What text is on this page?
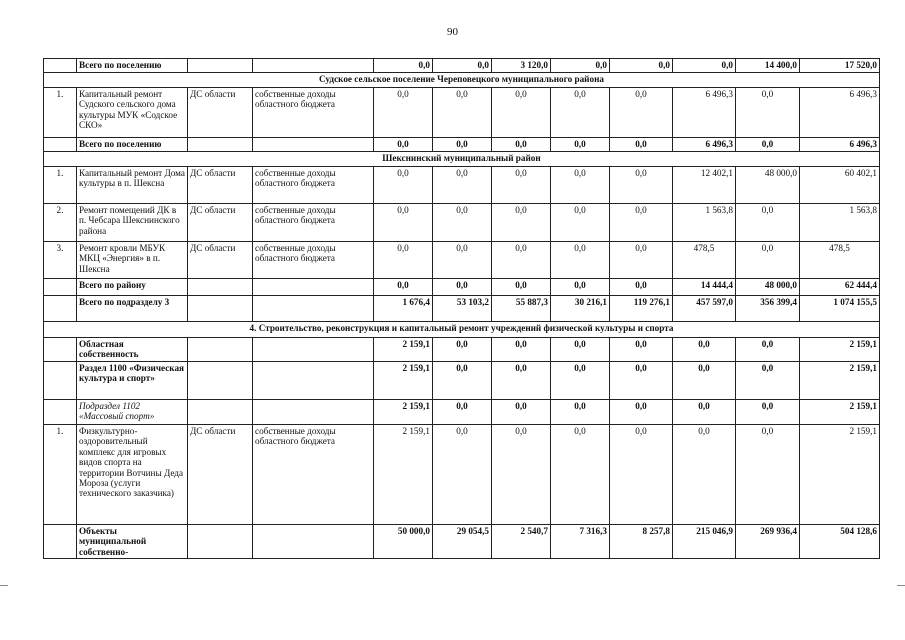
90
	Всего по поселению			0,0	0,0	3 120,0	0,0	0,0	0,0	14 400,0	17 520,0
Судское сельское поселение Череповецкого муниципального района											
1.	Капитальный ремонт Судского сельского дома культуры МУК «Содское СКО»	ДС области	собственные доходы областного бюджета	0,0	0,0	0,0	0,0	0,0	6 496,3	0,0	6 496,3
	Всего по поселению			0,0	0,0	0,0	0,0	0,0	6 496,3	0,0	6 496,3
Шекснинский муниципальный район											
1.	Капитальный ремонт Дома культуры в п. Шексна	ДС области	собственные доходы областного бюджета	0,0	0,0	0,0	0,0	0,0	12 402,1	48 000,0	60 402,1
2.	Ремонт помещений ДК в п. Чебсара Шекснинского района	ДС области	собственные доходы областного бюджета	0,0	0,0	0,0	0,0	0,0	1 563,8	0,0	1 563,8
3.	Ремонт кровли МБУК МКЦ «Энергия» в п. Шексна	ДС области	собственные доходы областного бюджета	0,0	0,0	0,0	0,0	0,0	478,5	0,0	478,5
	Всего по району			0,0	0,0	0,0	0,0	0,0	14 444,4	48 000,0	62 444,4
	Всего по подразделу 3			1 676,4	53 103,2	55 887,3	30 216,1	119 276,1	457 597,0	356 399,4	1 074 155,5
4. Строительство, реконструкция и капитальный ремонт учреждений физической культуры и спорта											
	Областная собственность			2 159,1	0,0	0,0	0,0	0,0	0,0	0,0	2 159,1
	Раздел 1100 «Физическая культура и спорт»			2 159,1	0,0	0,0	0,0	0,0	0,0	0,0	2 159,1
	Подраздел 1102 «Массовый спорт»			2 159,1	0,0	0,0	0,0	0,0	0,0	0,0	2 159,1
1.	Физкультурно-оздоровительный комплекс для игровых видов спорта на территории Вотчины Деда Мороза (услуги технического заказчика)	ДС области	собственные доходы областного бюджета	2 159,1	0,0	0,0	0,0	0,0	0,0	0,0	2 159,1
	Объекты муниципальной собственно-			50 000,0	29 054,5	2 540,7	7 316,3	8 257,8	215 046,9	269 936,4	504 128,6
